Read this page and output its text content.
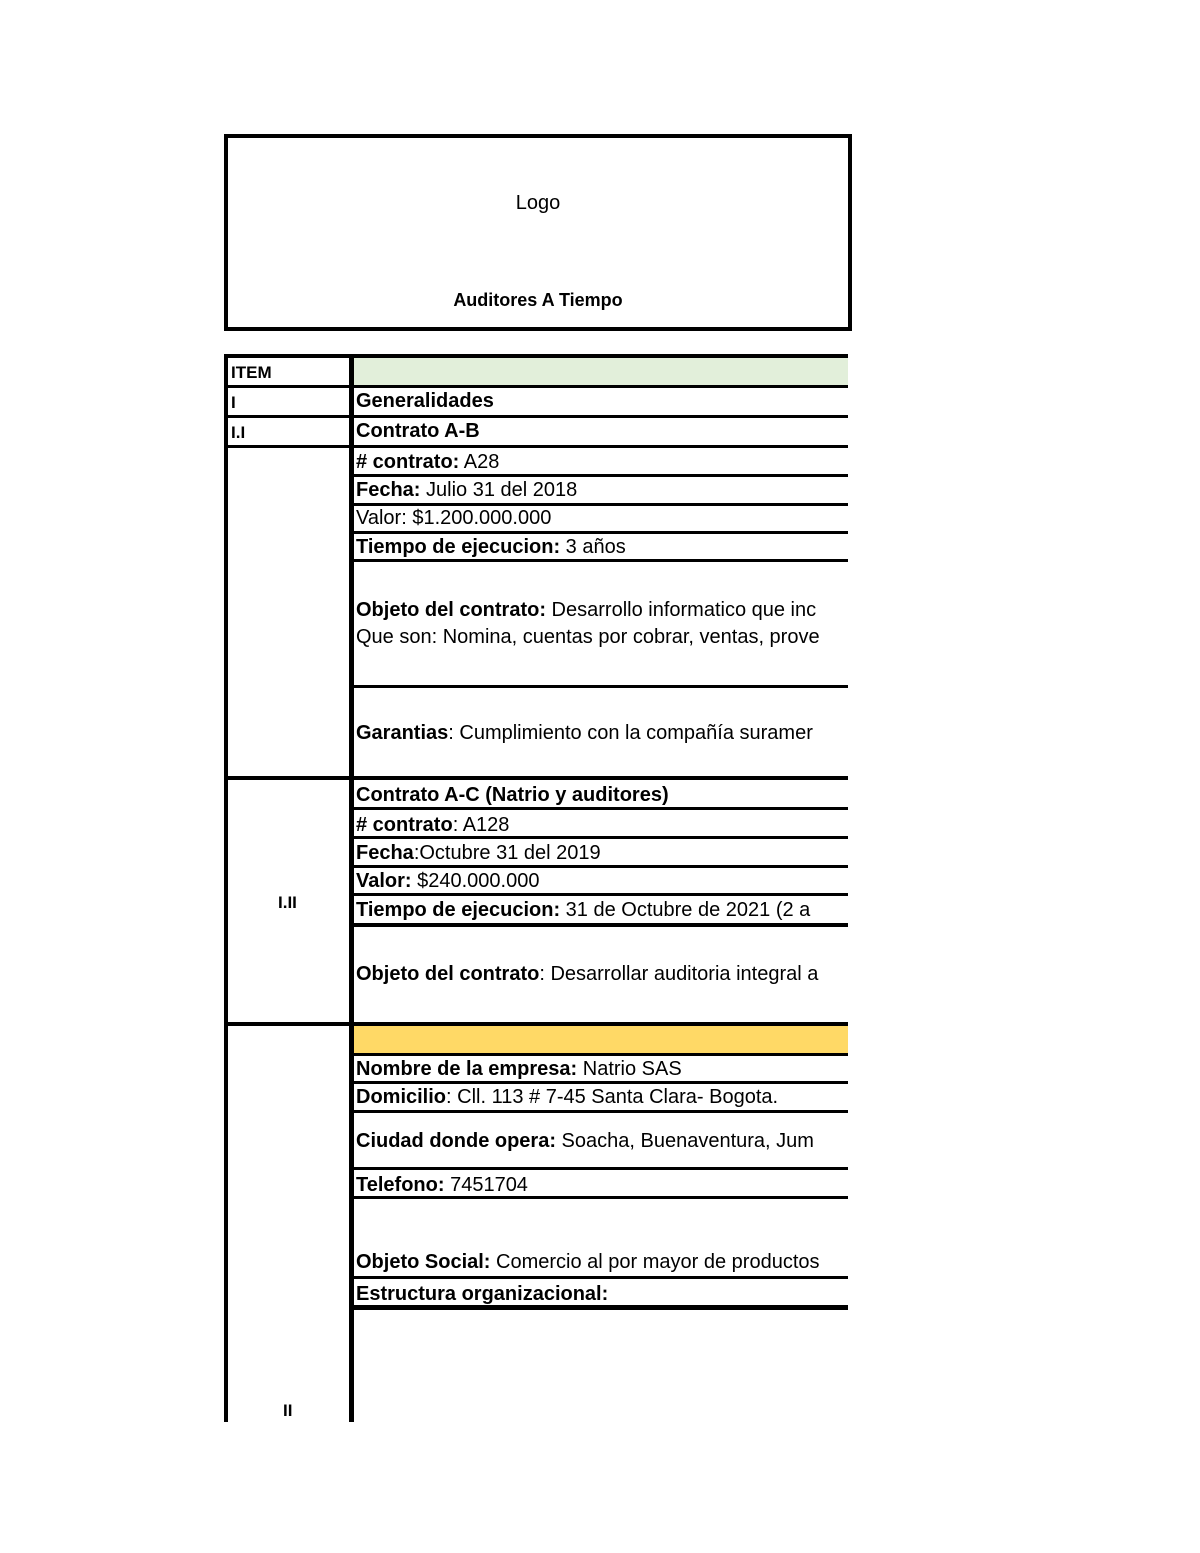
Logo
Auditores A Tiempo
ITEM
I
I.I
I.II
II
Generalidades
Contrato A-B
# contrato: A28
Fecha: Julio 31 del 2018
Valor: $1.200.000.000
Tiempo de ejecucion: 3 años
Objeto del contrato: Desarrollo informatico que inc
Que son: Nomina, cuentas por cobrar, ventas, prove
Garantias: Cumplimiento con la compañía suramer
Contrato A-C (Natrio y auditores)
# contrato: A128
Fecha:Octubre 31 del 2019
Valor: $240.000.000
Tiempo de ejecucion: 31 de Octubre de 2021 (2 a
Objeto del contrato: Desarrollar auditoria integral a
Nombre de la empresa: Natrio SAS
Domicilio: Cll. 113 # 7-45 Santa Clara- Bogota.
Ciudad donde opera: Soacha, Buenaventura, Jum
Telefono: 7451704
Objeto Social: Comercio al por mayor de productos
Estructura organizacional:
